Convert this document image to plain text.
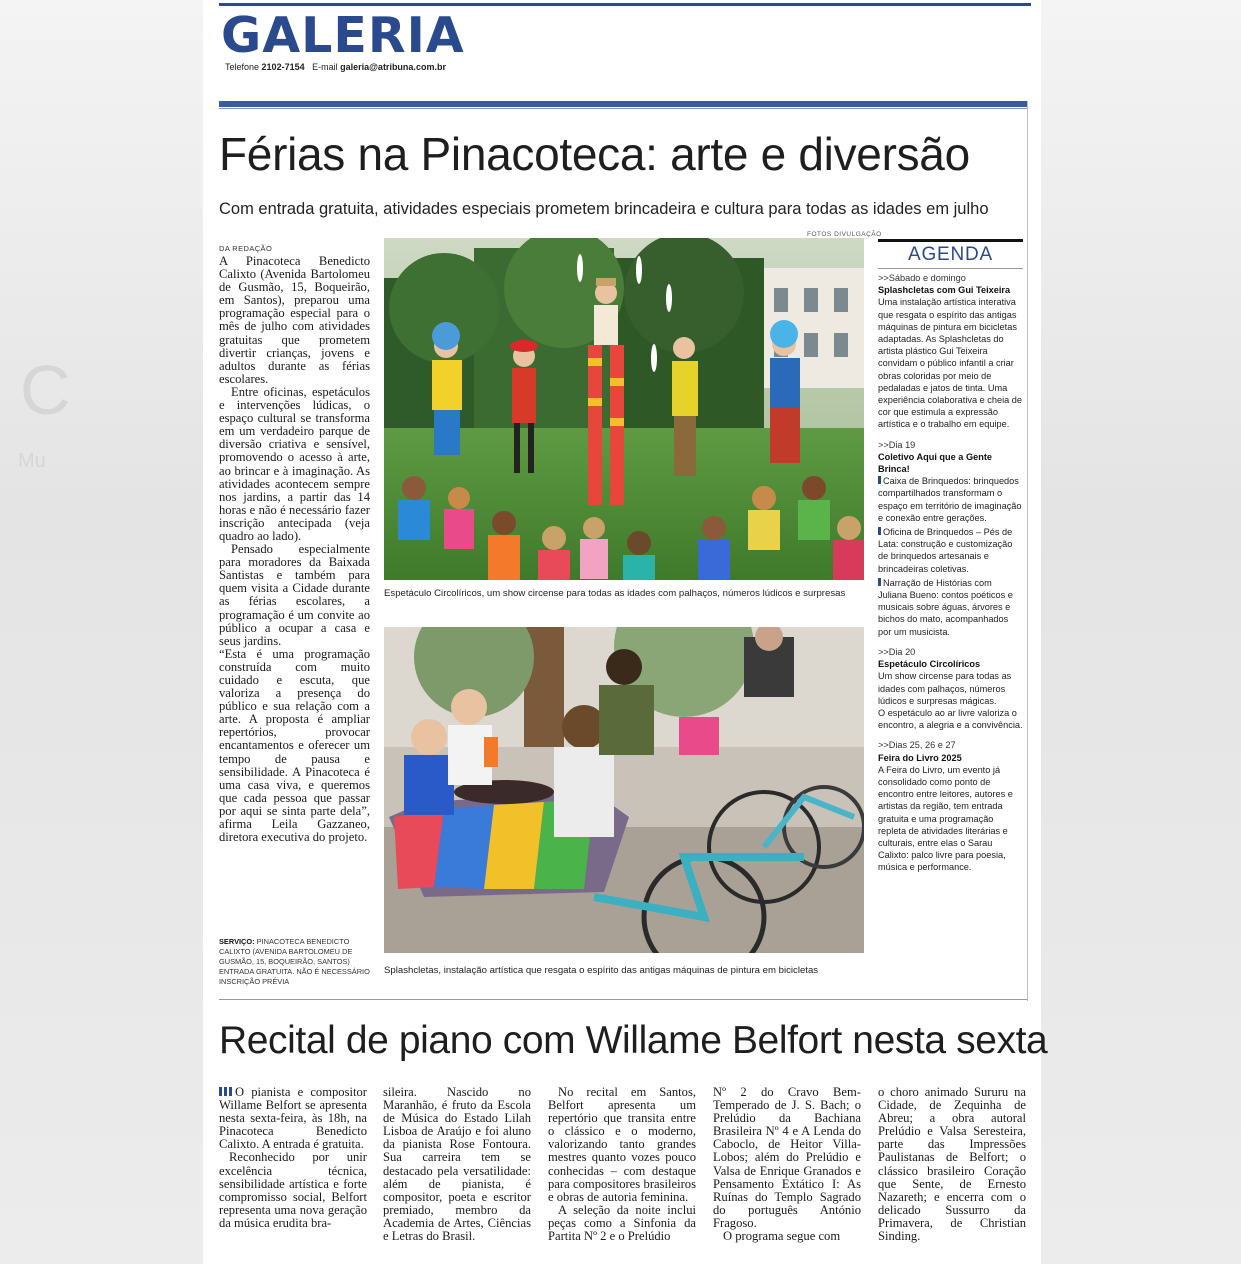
C
Mu
GALERIA
Telefone 2102-7154 E-mail galeria@atribuna.com.br
Férias na Pinacoteca: arte e diversão
Com entrada gratuita, atividades especiais prometem brincadeira e cultura para todas as idades em julho
DA REDAÇÃO

A Pinacoteca Benedicto Calixto (Avenida Bartolomeu de Gusmão, 15, Boqueirão, em Santos), preparou uma programação especial para o mês de julho com atividades gratuitas que prometem divertir crianças, jovens e adultos durante as férias escolares.

Entre oficinas, espetáculos e intervenções lúdicas, o espaço cultural se transforma em um verdadeiro parque de diversão criativa e sensível, promovendo o acesso à arte, ao brincar e à imaginação. As atividades acontecem sempre nos jardins, a partir das 14 horas e não é necessário fazer inscrição antecipada (veja quadro ao lado).

Pensado especialmente para moradores da Baixada Santistas e também para quem visita a Cidade durante as férias escolares, a programação é um convite ao público a ocupar a casa e seus jardins.

“Esta é uma programação construída com muito cuidado e escuta, que valoriza a presença do público e sua relação com a arte. A proposta é ampliar repertórios, provocar encantamentos e oferecer um tempo de pausa e sensibilidade. A Pinacoteca é uma casa viva, e queremos que cada pessoa que passar por aqui se sinta parte dela”, afirma Leila Gazzaneo, diretora executiva do projeto.

SERVIÇO: PINACOTECA BENEDICTO CALIXTO (AVENIDA BARTOLOMEU DE GUSMÃO, 15, BOQUEIRÃO, SANTOS) ENTRADA GRATUITA. NÃO É NECESSÁRIO INSCRIÇÃO PRÉVIA
FOTOS DIVULGAÇÃO
Espetáculo Circolíricos, um show circense para todas as idades com palhaços, números lúdicos e surpresas
Splashcletas, instalação artística que resgata o espírito das antigas máquinas de pintura em bicicletas
AGENDA
>>Sábado e domingo
Splashcletas com Gui Teixeira
Uma instalação artística interativa que resgata o espírito das antigas máquinas de pintura em bicicletas adaptadas. As Splashcletas do artista plástico Gui Teixeira convidam o público infantil a criar obras coloridas por meio de pedaladas e jatos de tinta. Uma experiência colaborativa e cheia de cor que estimula a expressão artística e o trabalho em equipe.
>>Dia 19
Coletivo Aqui que a Gente Brinca!
Caixa de Brinquedos: brinquedos compartilhados transformam o espaço em território de imaginação e conexão entre gerações.
Oficina de Brinquedos – Pés de Lata: construção e customização de brinquedos artesanais e brincadeiras coletivas.
Narração de Histórias com Juliana Bueno: contos poéticos e musicais sobre águas, árvores e bichos do mato, acompanhados por um musicista.
>>Dia 20
Espetáculo Circolíricos
Um show circense para todas as idades com palhaços, números lúdicos e surpresas mágicas.
O espetáculo ao ar livre valoriza o encontro, a alegria e a convivência.
>>Dias 25, 26 e 27
Feira do Livro 2025
A Feira do Livro, um evento já consolidado como ponto de encontro entre leitores, autores e artistas da região, tem entrada gratuita e uma programação repleta de atividades literárias e culturais, entre elas o Sarau Calixto: palco livre para poesia, música e performance.
Recital de piano com Willame Belfort nesta sexta

O pianista e compositor Willame Belfort se apresenta nesta sexta-feira, às 18h, na Pinacoteca Benedicto Calixto. A entrada é gratuita.

Reconhecido por unir excelência técnica, sensibilidade artística e forte compromisso social, Belfort representa uma nova geração da música erudita bra-

sileira. Nascido no Maranhão, é fruto da Escola de Música do Estado Lilah Lisboa de Araújo e foi aluno da pianista Rose Fontoura. Sua carreira tem se destacado pela versatilidade: além de pianista, é compositor, poeta e escritor premiado, membro da Academia de Artes, Ciências e Letras do Brasil.

No recital em Santos, Belfort apresenta um repertório que transita entre o clássico e o moderno, valorizando tanto grandes mestres quanto vozes pouco conhecidas – com destaque para compositores brasileiros e obras de autoria feminina.

A seleção da noite inclui peças como a Sinfonia da Partita Nº 2 e o Prelúdio

Nº 2 do Cravo Bem-Temperado de J. S. Bach; o Prelúdio da Bachiana Brasileira Nº 4 e A Lenda do Caboclo, de Heitor Villa-Lobos; além do Prelúdio e Valsa de Enrique Granados e Pensamento Extático I: As Ruínas do Templo Sagrado do português António Fragoso.

O programa segue com

o choro animado Sururu na Cidade, de Zequinha de Abreu; a obra autoral Prelúdio e Valsa Seresteira, parte das Impressões Paulistanas de Belfort; o clássico brasileiro Coração que Sente, de Ernesto Nazareth; e encerra com o delicado Sussurro da Primavera, de Christian Sinding.
